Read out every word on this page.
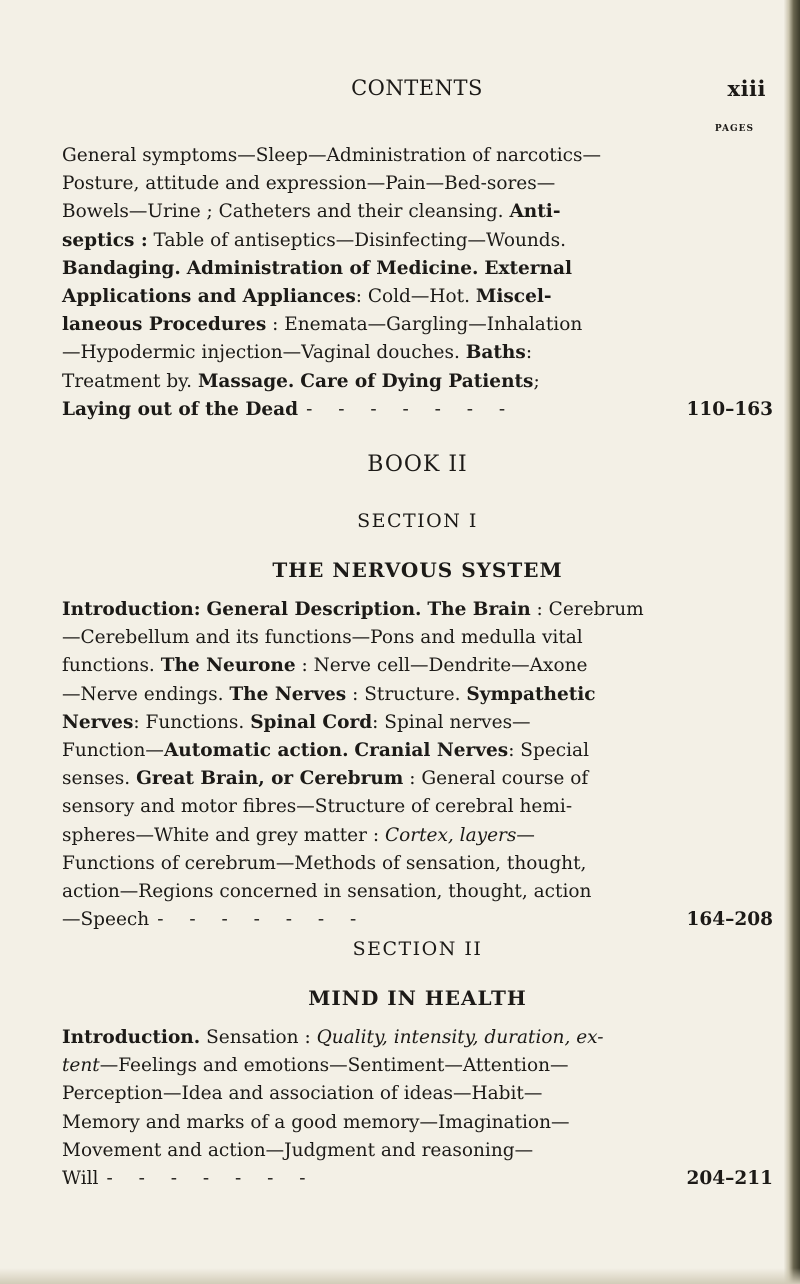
CONTENTS	xiii
PAGES

General symptoms—Sleep—Administration of narcotics—
Posture, attitude and expression—Pain—Bed-sores—
Bowels—Urine ; Catheters and their cleansing. Anti-
septics : Table of antiseptics—Disinfecting—Wounds.
Bandaging. Administration of Medicine. External
Applications and Appliances: Cold—Hot. Miscel-
laneous Procedures : Enemata—Gargling—Inhalation
—Hypodermic injection—Vaginal douches. Baths:
Treatment by. Massage. Care of Dying Patients;
Laying out of the Dead - - - - - - -	110–163

BOOK II
SECTION I
THE NERVOUS SYSTEM

Introduction: General Description. The Brain : Cerebrum
—Cerebellum and its functions—Pons and medulla vital
functions. The Neurone : Nerve cell—Dendrite—Axone
—Nerve endings. The Nerves : Structure. Sympathetic
Nerves: Functions. Spinal Cord: Spinal nerves—
Function—Automatic action. Cranial Nerves: Special
senses. Great Brain, or Cerebrum : General course of
sensory and motor fibres—Structure of cerebral hemi-
spheres—White and grey matter : Cortex, layers—
Functions of cerebrum—Methods of sensation, thought,
action—Regions concerned in sensation, thought, action
—Speech - - - - - - -	164–208

SECTION II
MIND IN HEALTH

Introduction. Sensation : Quality, intensity, duration, ex-
tent—Feelings and emotions—Sentiment—Attention—
Perception—Idea and association of ideas—Habit—
Memory and marks of a good memory—Imagination—
Movement and action—Judgment and reasoning—
Will - - - - - - -	204–211
